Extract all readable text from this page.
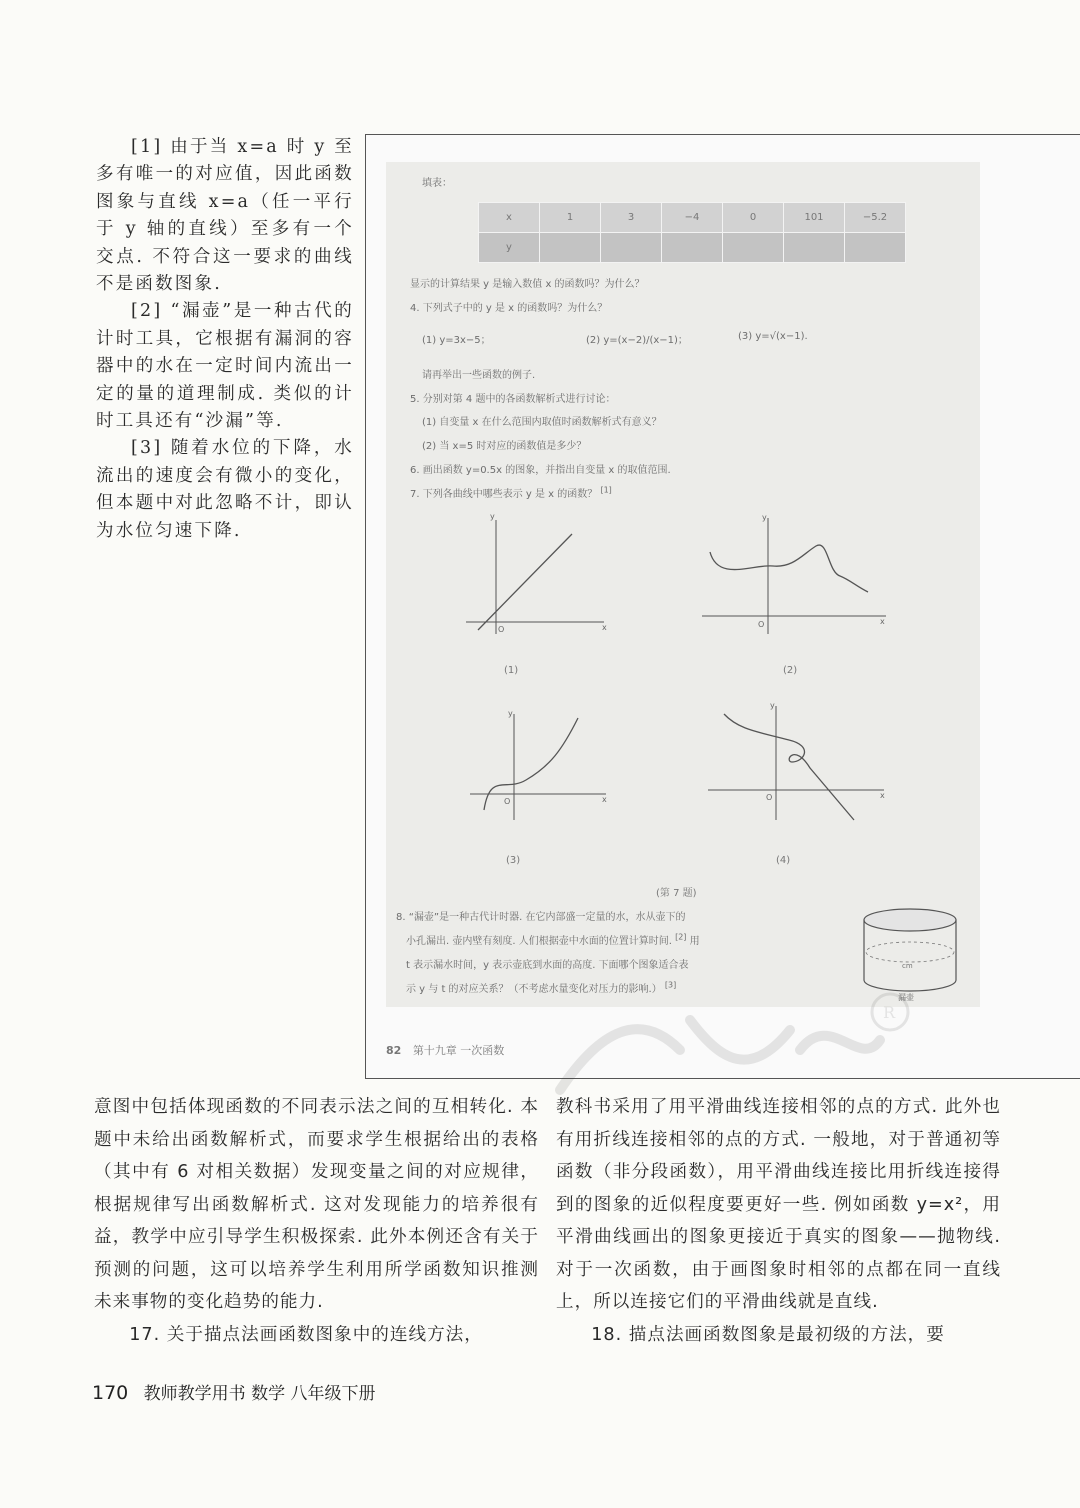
[1] 由于当 x=a 时 y 至多有唯一的对应值，因此函数图象与直线 x=a（任一平行于 y 轴的直线）至多有一个交点. 不符合这一要求的曲线不是函数图象.

[2] “漏壶”是一种古代的计时工具，它根据有漏洞的容器中的水在一定时间内流出一定的量的道理制成. 类似的计时工具还有“沙漏”等.

[3] 随着水位的下降，水流出的速度会有微小的变化，但本题中对此忽略不计，即认为水位匀速下降.

填表：
x	1	3	−4	0	101	−5.2
y						
显示的计算结果 y 是输入数值 x 的函数吗？为什么？
4. 下列式子中的 y 是 x 的函数吗？为什么？
(1) y=3x−5；	(2) y=(x−2)/(x−1)；	(3) y=√(x−1).
请再举出一些函数的例子.
5. 分别对第 4 题中的各函数解析式进行讨论：
(1) 自变量 x 在什么范围内取值时函数解析式有意义？
(2) 当 x=5 时对应的函数值是多少？
6. 画出函数 y=0.5x 的图象，并指出自变量 x 的取值范围.
7. 下列各曲线中哪些表示 y 是 x 的函数？ [1]
y
x
O
(1)
y
x
O
(2)
y
x
O
(3)
y
x
O
(4)
(第 7 题)
8. “漏壶”是一种古代计时器. 在它内部盛一定量的水，水从壶下的
小孔漏出. 壶内壁有刻度. 人们根据壶中水面的位置计算时间. [2] 用
t 表示漏水时间，y 表示壶底到水面的高度. 下面哪个图象适合表
示 y 与 t 的对应关系？（不考虑水量变化对压力的影响.） [3]
cm
漏壶
82 第十九章 一次函数

意图中包括体现函数的不同表示法之间的互相转化. 本题中未给出函数解析式，而要求学生根据给出的表格（其中有 6 对相关数据）发现变量之间的对应规律，根据规律写出函数解析式. 这对发现能力的培养很有益，教学中应引导学生积极探索. 此外本例还含有关于预测的问题，这可以培养学生利用所学函数知识推测未来事物的变化趋势的能力.

17. 关于描点法画函数图象中的连线方法，

教科书采用了用平滑曲线连接相邻的点的方式. 此外也有用折线连接相邻的点的方式. 一般地，对于普通初等函数（非分段函数），用平滑曲线连接比用折线连接得到的图象的近似程度要更好一些. 例如函数 y=x²，用平滑曲线画出的图象更接近于真实的图象——抛物线. 对于一次函数，由于画图象时相邻的点都在同一直线上，所以连接它们的平滑曲线就是直线.

18. 描点法画函数图象是最初级的方法，要

170 教师教学用书 数学 八年级下册
